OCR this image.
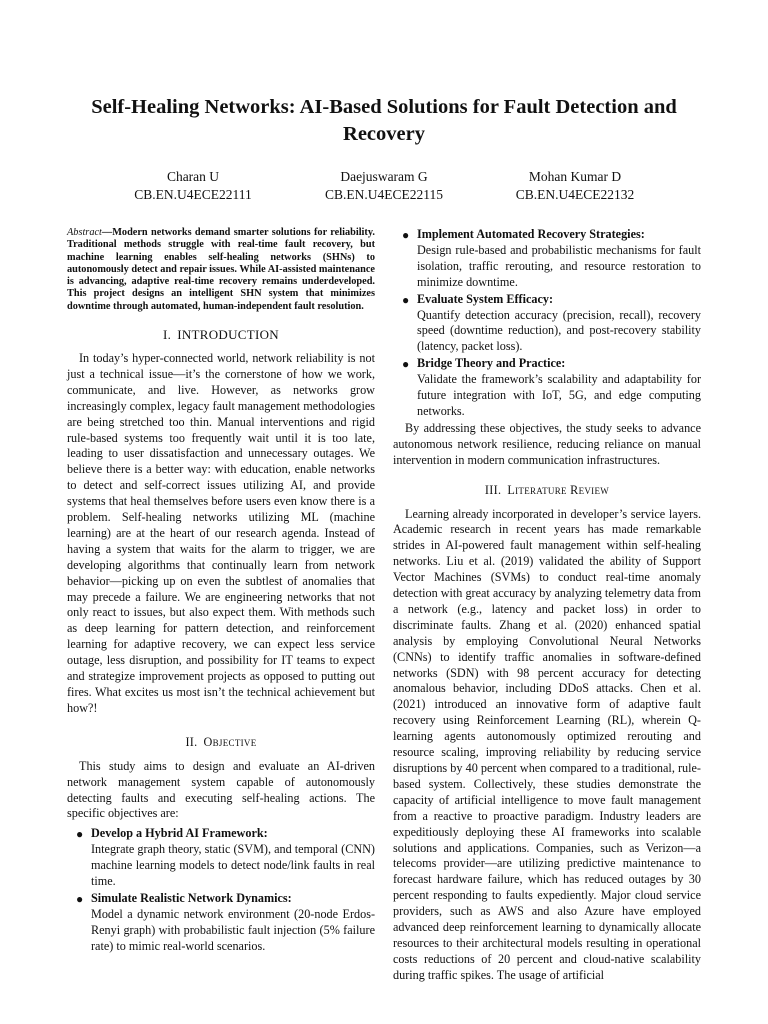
Self-Healing Networks: AI-Based Solutions for Fault Detection and Recovery
Charan U
CB.EN.U4ECE22111
Daejuswaram G
CB.EN.U4ECE22115
Mohan Kumar D
CB.EN.U4ECE22132

Abstract—Modern networks demand smarter solutions for reliability. Traditional methods struggle with real-time fault recovery, but machine learning enables self-healing networks (SHNs) to autonomously detect and repair issues. While AI-assisted maintenance is advancing, adaptive real-time recovery remains underdeveloped. This project designs an intelligent SHN system that minimizes downtime through automated, human-independent fault resolution.

I. INTRODUCTION

In today’s hyper-connected world, network reliability is not just a technical issue—it’s the cornerstone of how we work, communicate, and live. However, as networks grow increasingly complex, legacy fault management methodologies are being stretched too thin. Manual interventions and rigid rule-based systems too frequently wait until it is too late, leading to user dissatisfaction and unnecessary outages. We believe there is a better way: with education, enable networks to detect and self-correct issues utilizing AI, and provide systems that heal themselves before users even know there is a problem. Self-healing networks utilizing ML (machine learning) are at the heart of our research agenda. Instead of having a system that waits for the alarm to trigger, we are developing algorithms that continually learn from network behavior—picking up on even the subtlest of anomalies that may precede a failure. We are engineering networks that not only react to issues, but also expect them. With methods such as deep learning for pattern detection, and reinforcement learning for adaptive recovery, we can expect less service outage, less disruption, and possibility for IT teams to expect and strategize improvement projects as opposed to putting out fires. What excites us most isn’t the technical achievement but how?!

II. Objective

This study aims to design and evaluate an AI-driven network management system capable of autonomously detecting faults and executing self-healing actions. The specific objectives are:

● Develop a Hybrid AI Framework:
Integrate graph theory, static (SVM), and temporal (CNN) machine learning models to detect node/link faults in real time.
● Simulate Realistic Network Dynamics:
Model a dynamic network environment (20-node Erdos-Renyi graph) with probabilistic fault injection (5% failure rate) to mimic real-world scenarios.
● Implement Automated Recovery Strategies:
Design rule-based and probabilistic mechanisms for fault isolation, traffic rerouting, and resource restoration to minimize downtime.
● Evaluate System Efficacy:
Quantify detection accuracy (precision, recall), recovery speed (downtime reduction), and post-recovery stability (latency, packet loss).
● Bridge Theory and Practice:
Validate the framework’s scalability and adaptability for future integration with IoT, 5G, and edge computing networks.

By addressing these objectives, the study seeks to advance autonomous network resilience, reducing reliance on manual intervention in modern communication infrastructures.

III. Literature Review

Learning already incorporated in developer’s service layers. Academic research in recent years has made remarkable strides in AI-powered fault management within self-healing networks. Liu et al. (2019) validated the ability of Support Vector Machines (SVMs) to conduct real-time anomaly detection with great accuracy by analyzing telemetry data from a network (e.g., latency and packet loss) in order to discriminate faults. Zhang et al. (2020) enhanced spatial analysis by employing Convolutional Neural Networks (CNNs) to identify traffic anomalies in software-defined networks (SDN) with 98 percent accuracy for detecting anomalous behavior, including DDoS attacks. Chen et al. (2021) introduced an innovative form of adaptive fault recovery using Reinforcement Learning (RL), wherein Q-learning agents autonomously optimized rerouting and resource scaling, improving reliability by reducing service disruptions by 40 percent when compared to a traditional, rule-based system. Collectively, these studies demonstrate the capacity of artificial intelligence to move fault management from a reactive to proactive paradigm. Industry leaders are expeditiously deploying these AI frameworks into scalable solutions and applications. Companies, such as Verizon—a telecoms provider—are utilizing predictive maintenance to forecast hardware failure, which has reduced outages by 30 percent responding to faults expediently. Major cloud service providers, such as AWS and also Azure have employed advanced deep reinforcement learning to dynamically allocate resources to their architectural models resulting in operational costs reductions of 20 percent and cloud-native scalability during traffic spikes. The usage of artificial
